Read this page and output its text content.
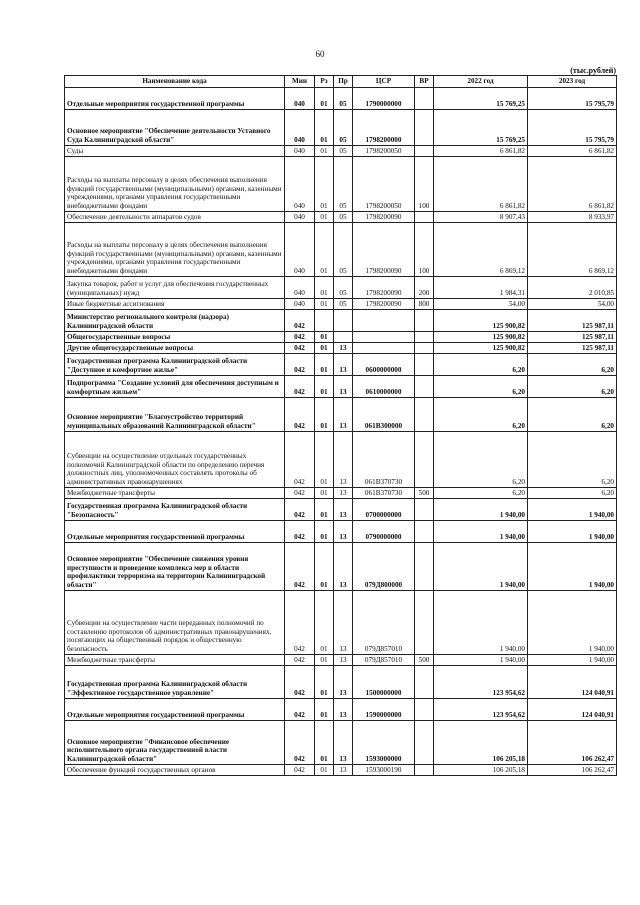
60
(тыс.рублей)
Наименование кода	Мин	Рз	Пр	ЦСР	ВР	2022 год	2023 год
Отдельные мероприятия государственной программы	040	01	05	1790000000		15 769,25	15 795,79
Основное мероприятие "Обеспечение деятельности Уставного Суда Калининградской области"	040	01	05	1798200000		15 769,25	15 795,79
Суды	040	01	05	1798200050		6 861,82	6 861,82
Расходы на выплаты персоналу в целях обеспечения выполнения функций государственными (муниципальными) органами, казенными учреждениями, органами управления государственными внебюджетными фондами	040	01	05	1798200050	100	6 861,82	6 861,82
Обеспечение деятельности аппаратов судов	040	01	05	1798200090		8 907,43	8 933,97
Расходы на выплаты персоналу в целях обеспечения выполнения функций государственными (муниципальными) органами, казенными учреждениями, органами управления государственными внебюджетными фондами	040	01	05	1798200090	100	6 869,12	6 869,12
Закупка товаров, работ и услуг для обеспечения государственных (муниципальных) нужд	040	01	05	1798200090	200	1 984,31	2 010,85
Иные бюджетные ассигнования	040	01	05	1798200090	800	54,00	54,00
Министерство регионального контроля (надзора) Калининградской области	042					125 900,82	125 987,11
Общегосударственные вопросы	042	01				125 900,82	125 987,11
Другие общегосударственные вопросы	042	01	13			125 900,82	125 987,11
Государственная программа Калининградской области "Доступное и комфортное жилье"	042	01	13	0600000000		6,20	6,20
Подпрограмма "Создание условий для обеспечения доступным и комфортным жильем"	042	01	13	0610000000		6,20	6,20
Основное мероприятие "Благоустройство территорий муниципальных образований Калининградской области"	042	01	13	061В300000		6,20	6,20
Субвенции на осуществление отдельных государственных полномочий Калининградской области по определению перечня должностных лиц, уполномоченных составлять протоколы об административных правонарушениях	042	01	13	061В370730		6,20	6,20
Межбюджетные трансферты	042	01	13	061В370730	500	6,20	6,20
Государственная программа Калининградской области "Безопасность"	042	01	13	0700000000		1 940,00	1 940,00
Отдельные мероприятия государственной программы	042	01	13	0790000000		1 940,00	1 940,00
Основное мероприятие "Обеспечение снижения уровня преступности и проведение комплекса мер в области профилактики терроризма на территории Калининградской области"	042	01	13	079Д800000		1 940,00	1 940,00
Субвенции на осуществление части переданных полномочий по составлению протоколов об административных правонарушениях, посягающих на общественный порядок и общественную безопасность	042	01	13	079Д857010		1 940,00	1 940,00
Межбюджетные трансферты	042	01	13	079Д857010	500	1 940,00	1 940,00
Государственная программа Калининградской области "Эффективное государственное управление"	042	01	13	1500000000		123 954,62	124 040,91
Отдельные мероприятия государственной программы	042	01	13	1590000000		123 954,62	124 040,91
Основное мероприятие "Финансовое обеспечение исполнительного органа государственной власти Калининградской области"	042	01	13	1593000000		106 205,18	106 262,47
Обеспечение функций государственных органов	042	01	13	1593000190		106 205,18	106 262,47
